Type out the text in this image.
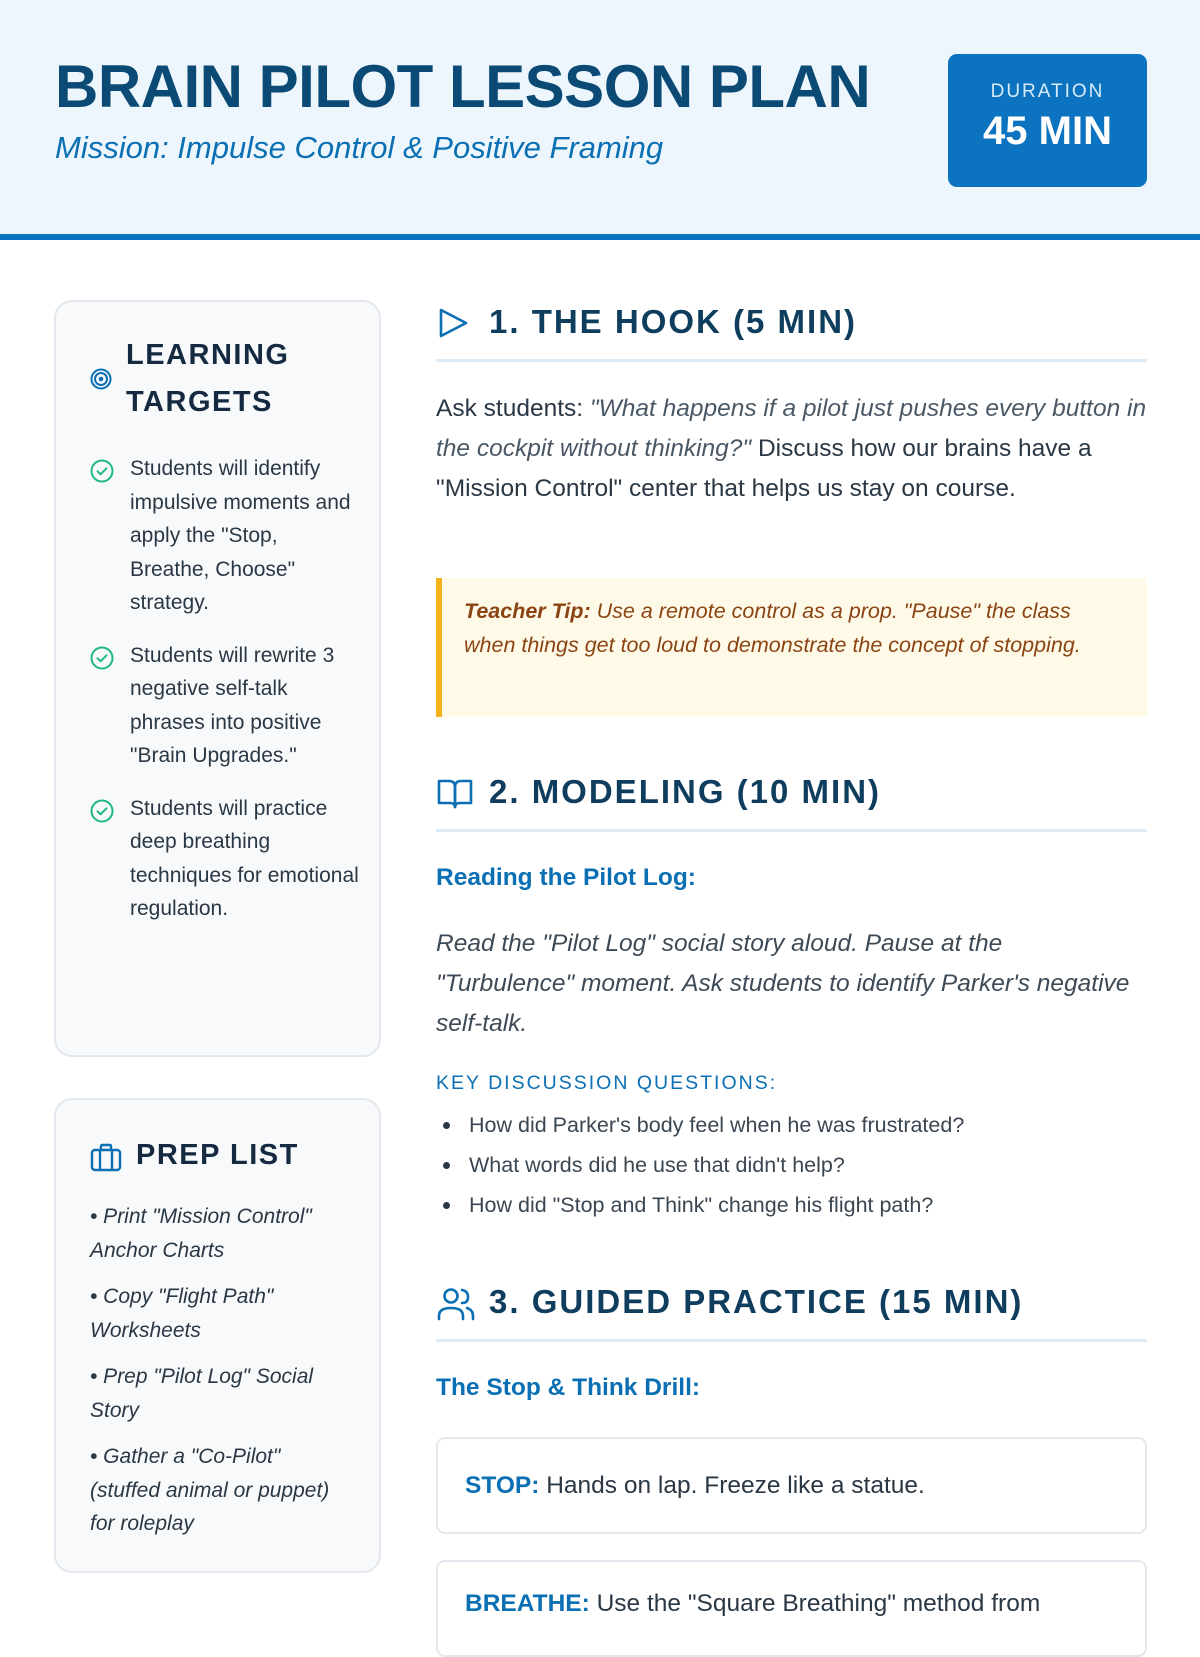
BRAIN PILOT LESSON PLAN
Mission: Impulse Control & Positive Framing
DURATION
45 MIN
LEARNING TARGETS
Students will identify impulsive moments and apply the "Stop, Breathe, Choose" strategy.
Students will rewrite 3 negative self-talk phrases into positive "Brain Upgrades."
Students will practice deep breathing techniques for emotional regulation.
PREP LIST
• Print "Mission Control" Anchor Charts
• Copy "Flight Path" Worksheets
• Prep "Pilot Log" Social Story
• Gather a "Co-Pilot" (stuffed animal or puppet) for roleplay
1. THE HOOK (5 MIN)

Ask students: "What happens if a pilot just pushes every button in the cockpit without thinking?" Discuss how our brains have a "Mission Control" center that helps us stay on course.

Teacher Tip: Use a remote control as a prop. "Pause" the class when things get too loud to demonstrate the concept of stopping.
2. MODELING (10 MIN)
Reading the Pilot Log:

Read the "Pilot Log" social story aloud. Pause at the "Turbulence" moment. Ask students to identify Parker's negative self-talk.

KEY DISCUSSION QUESTIONS:

How did Parker's body feel when he was frustrated?
What words did he use that didn't help?
How did "Stop and Think" change his flight path?
3. GUIDED PRACTICE (15 MIN)
The Stop & Think Drill:
STOP: Hands on lap. Freeze like a statue.
BREATHE: Use the "Square Breathing" method from
